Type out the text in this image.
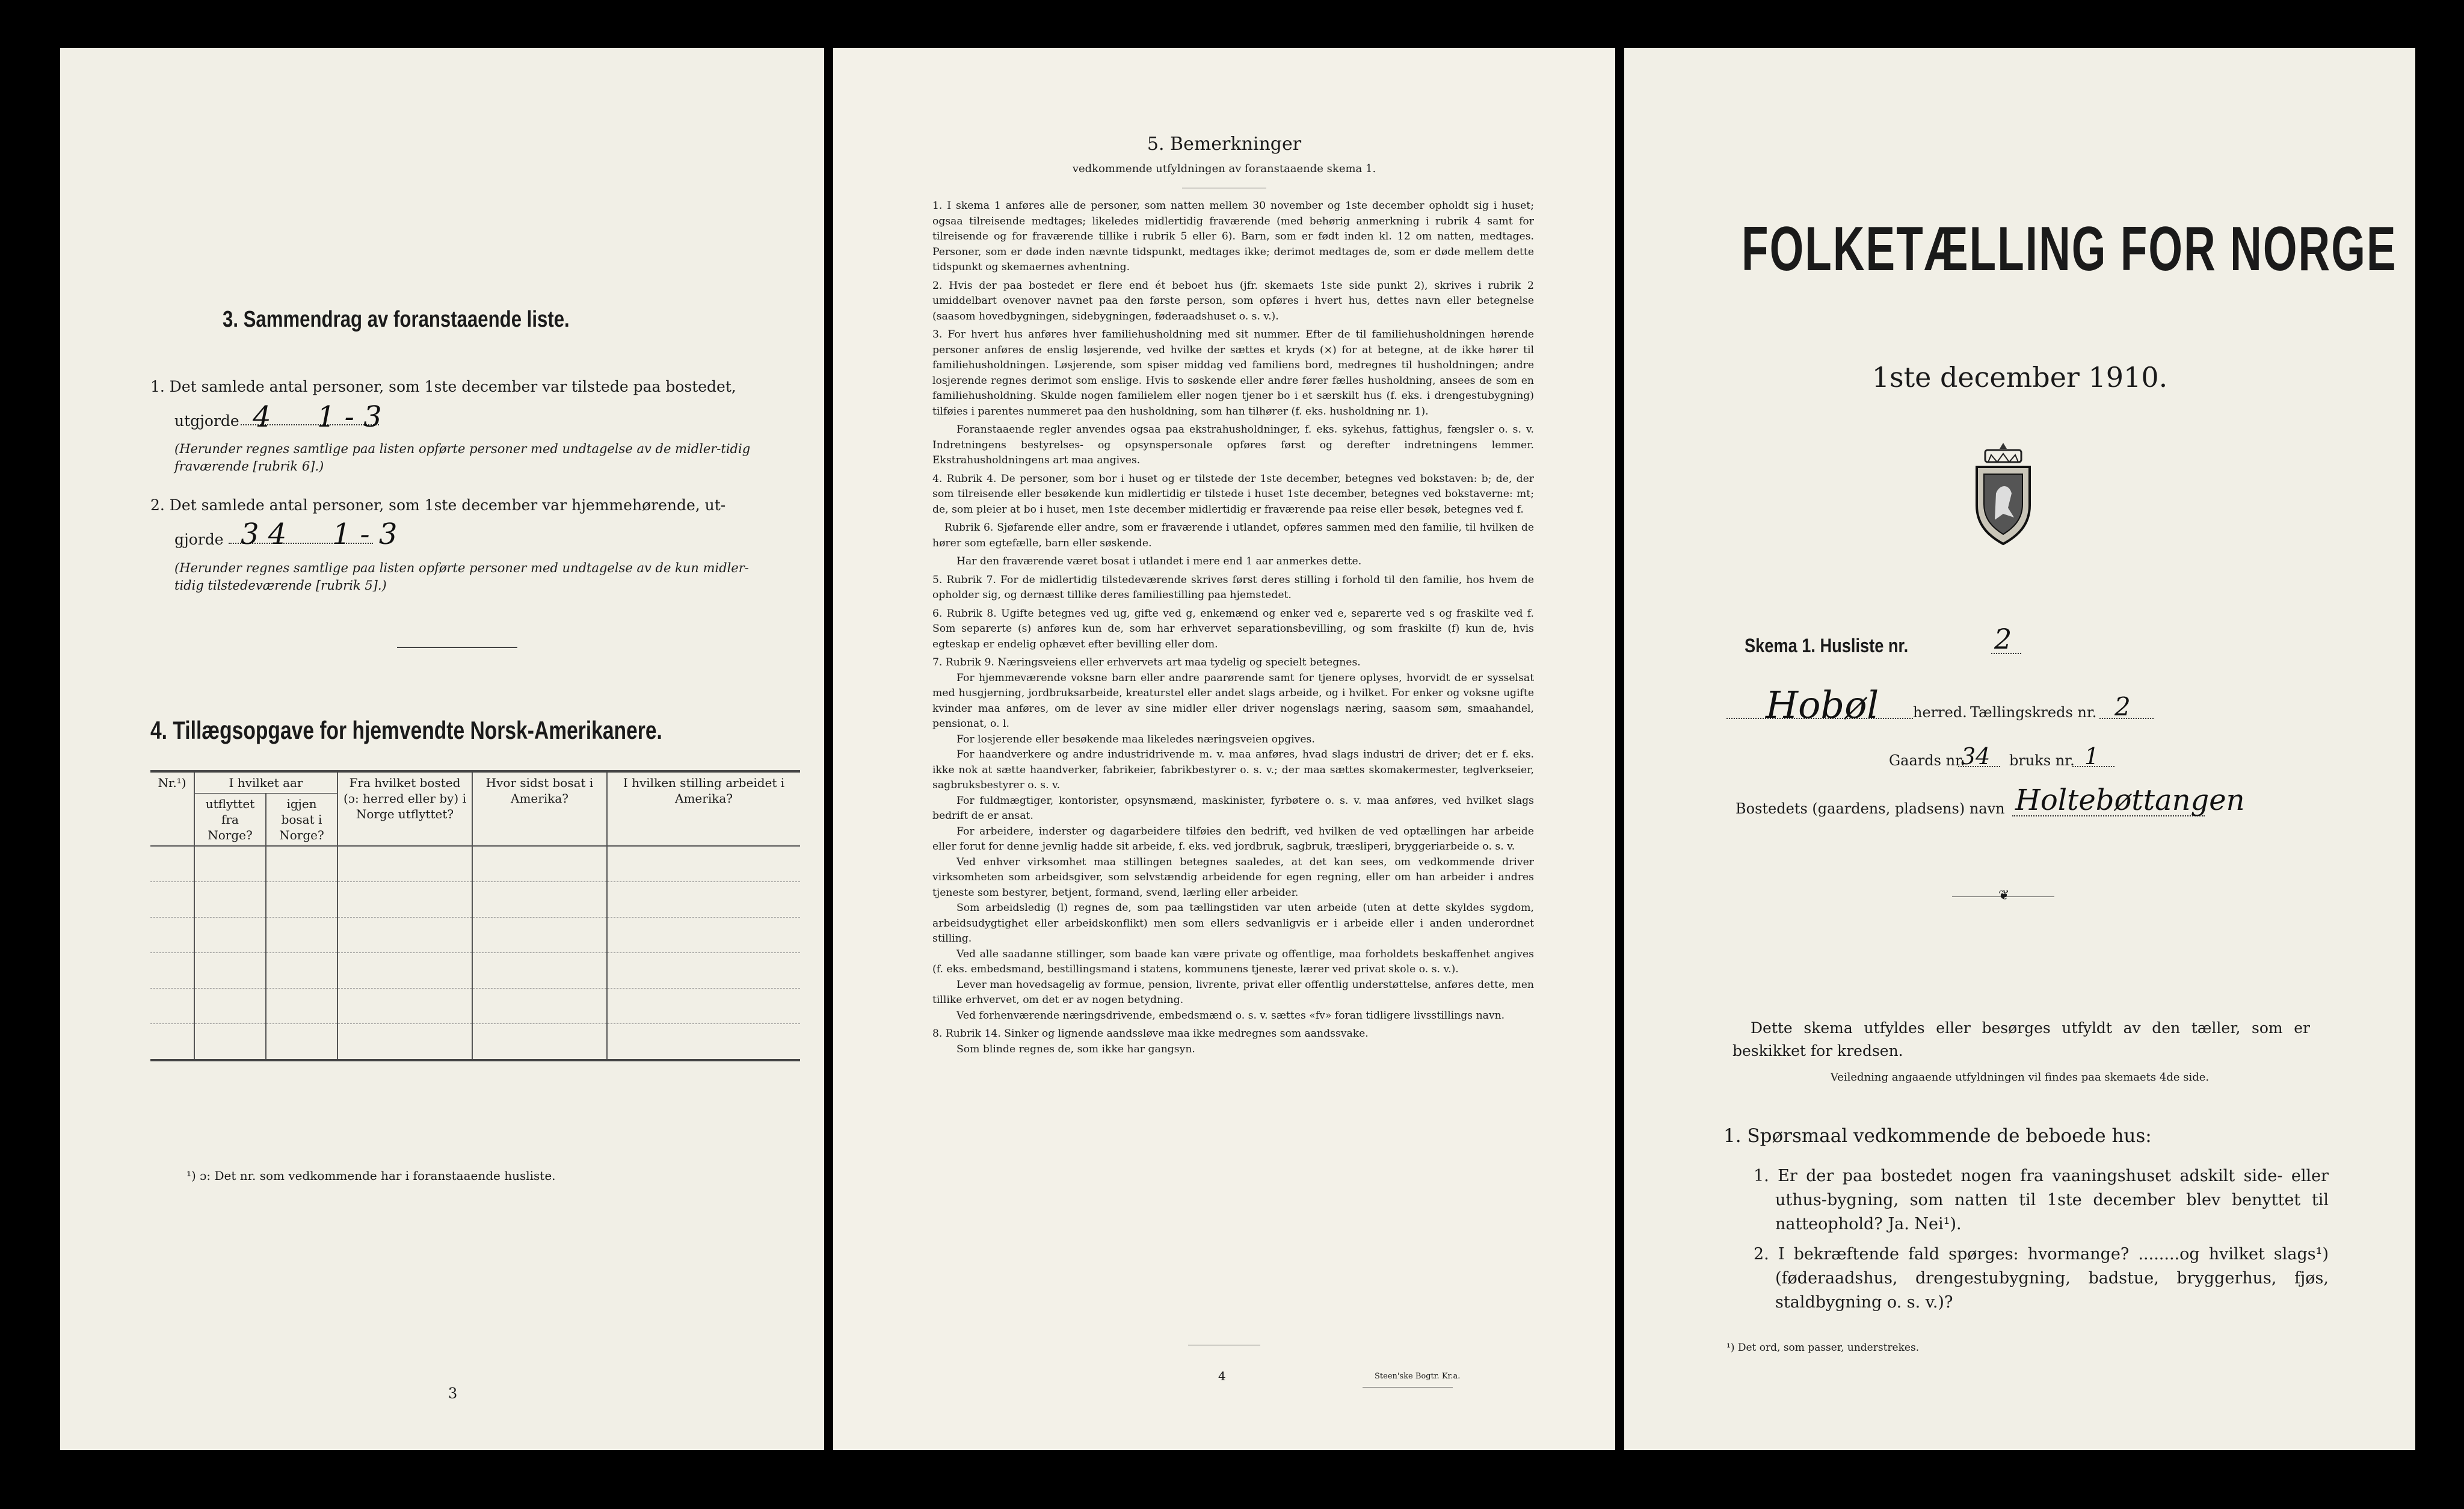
3. Sammendrag av foranstaaende liste.
1. Det samlede antal personer, som 1ste december var tilstede paa bostedet,
utgjorde 4     1 - 3
(Herunder regnes samtlige paa listen opførte personer med undtagelse av de midler-tidig
fraværende [rubrik 6].)
2. Det samlede antal personer, som 1ste december var hjemmehørende, ut-
gjorde 3 4     1 - 3
(Herunder regnes samtlige paa listen opførte personer med undtagelse av de kun midler-
tidig tilstedeværende [rubrik 5].)
4. Tillægsopgave for hjemvendte Norsk-Amerikanere.
Nr.¹)	I hvilket aar		Fra hvilket bosted (ɔ: herred eller by) i Norge utflyttet?	Hvor sidst bosat i Amerika?	I hvilken stilling arbeidet i Amerika?
	utflyttet fra Norge?	igjen bosat i Norge?			

¹) ɔ: Det nr. som vedkommende har i foranstaaende husliste.
3
5. Bemerkninger
vedkommende utfyldningen av foranstaaende skema 1.

1. I skema 1 anføres alle de personer, som natten mellem 30 november og 1ste december opholdt sig i huset; ogsaa tilreisende medtages; likeledes midlertidig fraværende (med behørig anmerkning i rubrik 4 samt for tilreisende og for fraværende tillike i rubrik 5 eller 6). Barn, som er født inden kl. 12 om natten, medtages. Personer, som er døde inden nævnte tidspunkt, medtages ikke; derimot medtages de, som er døde mellem dette tidspunkt og skemaernes avhentning.

2. Hvis der paa bostedet er flere end ét beboet hus (jfr. skemaets 1ste side punkt 2), skrives i rubrik 2 umiddelbart ovenover navnet paa den første person, som opføres i hvert hus, dettes navn eller betegnelse (saasom hovedbygningen, sidebygningen, føderaadshuset o. s. v.).

3. For hvert hus anføres hver familiehusholdning med sit nummer. Efter de til familiehusholdningen hørende personer anføres de enslig løsjerende, ved hvilke der sættes et kryds (×) for at betegne, at de ikke hører til familiehusholdningen. Løsjerende, som spiser middag ved familiens bord, medregnes til husholdningen; andre losjerende regnes derimot som enslige. Hvis to søskende eller andre fører fælles husholdning, ansees de som en familiehusholdning. Skulde nogen familielem eller nogen tjener bo i et særskilt hus (f. eks. i drengestubygning) tilføies i parentes nummeret paa den husholdning, som han tilhører (f. eks. husholdning nr. 1).

Foranstaaende regler anvendes ogsaa paa ekstrahusholdninger, f. eks. sykehus, fattighus, fængsler o. s. v. Indretningens bestyrelses- og opsynspersonale opføres først og derefter indretningens lemmer. Ekstrahusholdningens art maa angives.

4. Rubrik 4. De personer, som bor i huset og er tilstede der 1ste december, betegnes ved bokstaven: b; de, der som tilreisende eller besøkende kun midlertidig er tilstede i huset 1ste december, betegnes ved bokstaverne: mt; de, som pleier at bo i huset, men 1ste december midlertidig er fraværende paa reise eller besøk, betegnes ved f.

Rubrik 6. Sjøfarende eller andre, som er fraværende i utlandet, opføres sammen med den familie, til hvilken de hører som egtefælle, barn eller søskende.

Har den fraværende været bosat i utlandet i mere end 1 aar anmerkes dette.

5. Rubrik 7. For de midlertidig tilstedeværende skrives først deres stilling i forhold til den familie, hos hvem de opholder sig, og dernæst tillike deres familiestilling paa hjemstedet.

6. Rubrik 8. Ugifte betegnes ved ug, gifte ved g, enkemænd og enker ved e, separerte ved s og fraskilte ved f. Som separerte (s) anføres kun de, som har erhvervet separationsbevilling, og som fraskilte (f) kun de, hvis egteskap er endelig ophævet efter bevilling eller dom.

7. Rubrik 9. Næringsveiens eller erhvervets art maa tydelig og specielt betegnes.

For hjemmeværende voksne barn eller andre paarørende samt for tjenere oplyses, hvorvidt de er sysselsat med husgjerning, jordbruksarbeide, kreaturstel eller andet slags arbeide, og i hvilket. For enker og voksne ugifte kvinder maa anføres, om de lever av sine midler eller driver nogenslags næring, saasom søm, smaahandel, pensionat, o. l.

For losjerende eller besøkende maa likeledes næringsveien opgives.

For haandverkere og andre industridrivende m. v. maa anføres, hvad slags industri de driver; det er f. eks. ikke nok at sætte haandverker, fabrikeier, fabrikbestyrer o. s. v.; der maa sættes skomakermester, teglverkseier, sagbruksbestyrer o. s. v.

For fuldmægtiger, kontorister, opsynsmænd, maskinister, fyrbøtere o. s. v. maa anføres, ved hvilket slags bedrift de er ansat.

For arbeidere, inderster og dagarbeidere tilføies den bedrift, ved hvilken de ved optællingen har arbeide eller forut for denne jevnlig hadde sit arbeide, f. eks. ved jordbruk, sagbruk, træsliperi, bryggeriarbeide o. s. v.

Ved enhver virksomhet maa stillingen betegnes saaledes, at det kan sees, om vedkommende driver virksomheten som arbeidsgiver, som selvstændig arbeidende for egen regning, eller om han arbeider i andres tjeneste som bestyrer, betjent, formand, svend, lærling eller arbeider.

Som arbeidsledig (l) regnes de, som paa tællingstiden var uten arbeide (uten at dette skyldes sygdom, arbeidsudygtighet eller arbeidskonflikt) men som ellers sedvanligvis er i arbeide eller i anden underordnet stilling.

Ved alle saadanne stillinger, som baade kan være private og offentlige, maa forholdets beskaffenhet angives (f. eks. embedsmand, bestillingsmand i statens, kommunens tjeneste, lærer ved privat skole o. s. v.).

Lever man hovedsagelig av formue, pension, livrente, privat eller offentlig understøttelse, anføres dette, men tillike erhvervet, om det er av nogen betydning.

Ved forhenværende næringsdrivende, embedsmænd o. s. v. sættes «fv» foran tidligere livsstillings navn.

8. Rubrik 14. Sinker og lignende aandssløve maa ikke medregnes som aandssvake.

Som blinde regnes de, som ikke har gangsyn.

4	Steen'ske Bogtr. Kr.a.
FOLKETÆLLING FOR NORGE
1ste december 1910.
Skema 1. Husliste nr.	2
Hobøl herred. Tællingskreds nr. 2
Gaards nr.
34 bruks nr. 1
Bostedets (gaardens, pladsens) navn Holtebøttangen
❦
Dette skema utfyldes eller besørges utfyldt av den tæller, som er beskikket for kredsen.
Veiledning angaaende utfyldningen vil findes paa skemaets 4de side.
1. Spørsmaal vedkommende de beboede hus:
1. Er der paa bostedet nogen fra vaaningshuset adskilt side- eller uthus-bygning, som natten til 1ste december blev benyttet til natteophold? Ja. Nei¹).
2. I bekræftende fald spørges: hvormange? ........og hvilket slags¹) (føderaadshus, drengestubygning, badstue, bryggerhus, fjøs, staldbygning o. s. v.)?
¹) Det ord, som passer, understrekes.
